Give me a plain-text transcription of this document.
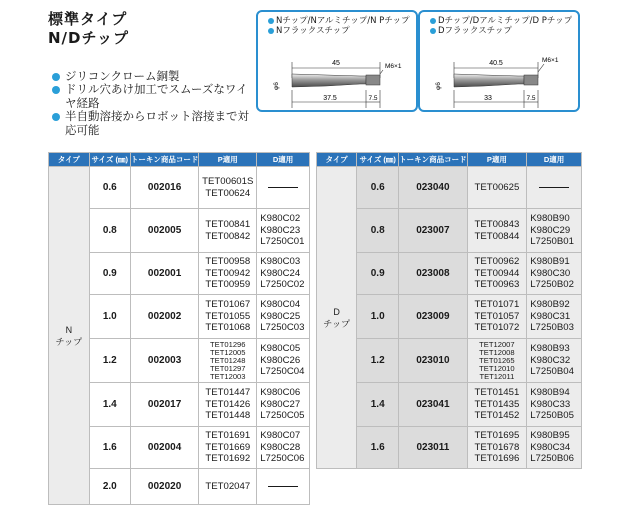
標準タイプ
N/Dチップ
ジリコンクローム銅製
ドリル穴あけ加工でスムーズなワイヤ経路
半自動溶接からロボット溶接まで対応可能
Nチップ/Nアルミチップ/N Pチップ
Nフラックスチップ
45	M6×1
φ6
37.5	7.5
Dチップ/Dアルミチップ/D Pチップ
Dフラックスチップ
40.5	M6×1
φ6
33	7.5
タイプ	サイズ (㎜)	トーキン商品コード	P適用	D適用

N
チップ	0.6	002016	TET00601S
TET00624	

	0.8	002005	TET00841
TET00842	K980C02
K980C23
L7250C01

	0.9	002001	TET00958
TET00942
TET00959	K980C03
K980C24
L7250C02

	1.0	002002	TET01067
TET01055
TET01068	K980C04
K980C25
L7250C03

	1.2	002003	TET01296
TET12005
TET01248
TET01297
TET12003	K980C05
K980C26
L7250C04

	1.4	002017	TET01447
TET01426
TET01448	K980C06
K980C27
L7250C05

	1.6	002004	TET01691
TET01669
TET01692	K980C07
K980C28
L7250C06

	2.0	002020	TET02047	

タイプ	サイズ (㎜)	トーキン商品コード	P適用	D適用

D
チップ	0.6	023040	TET00625	

	0.8	023007	TET00843
TET00844	K980B90
K980C29
L7250B01

	0.9	023008	TET00962
TET00944
TET00963	K980B91
K980C30
L7250B02

	1.0	023009	TET01071
TET01057
TET01072	K980B92
K980C31
L7250B03

	1.2	023010	TET12007
TET12008
TET01265
TET12010
TET12011	K980B93
K980C32
L7250B04

	1.4	023041	TET01451
TET01435
TET01452	K980B94
K980C33
L7250B05

	1.6	023011	TET01695
TET01678
TET01696	K980B95
K980C34
L7250B06
